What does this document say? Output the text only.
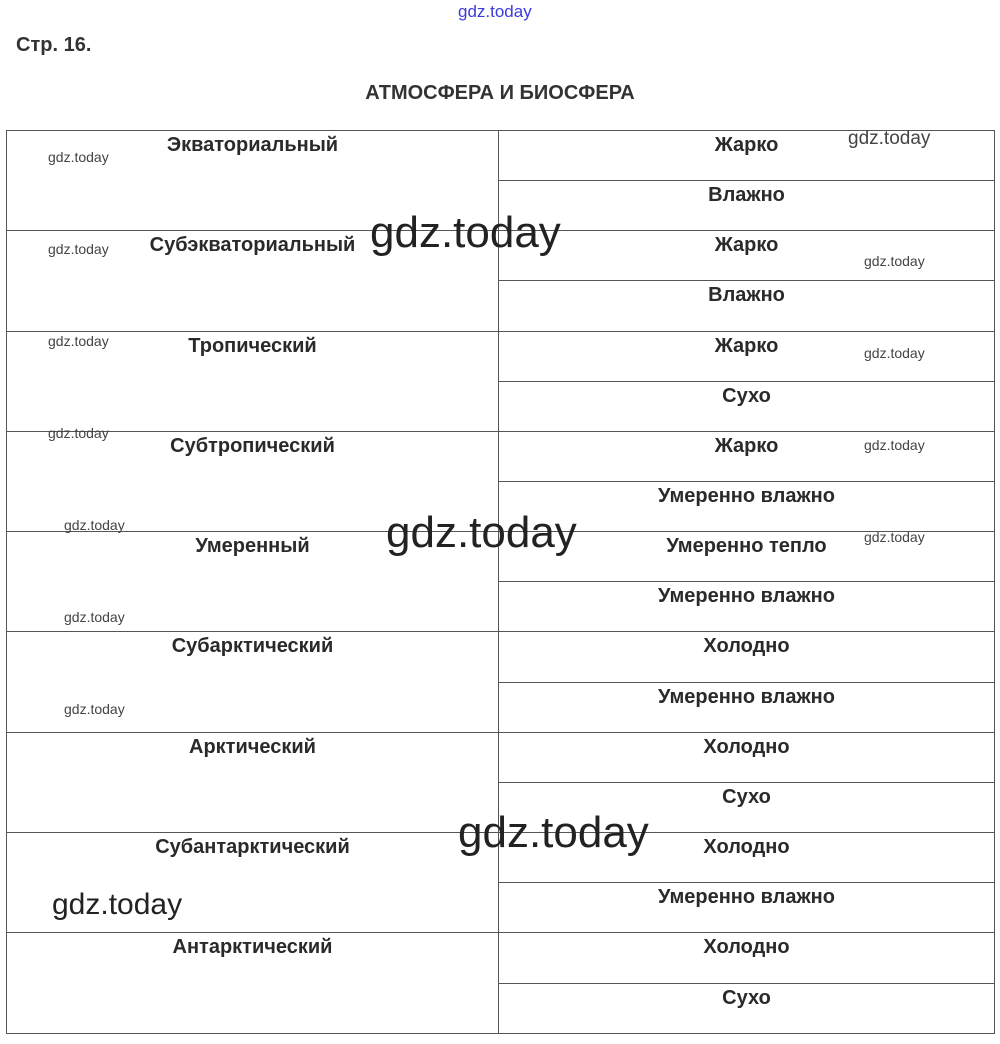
Стр. 16.
АТМОСФЕРА И БИОСФЕРА
Экваториальный	Жарко
Влажно
Субэкваториальный	Жарко
Влажно
Тропический	Жарко
Сухо
Субтропический	Жарко
Умеренно влажно
Умеренный	Умеренно тепло
Умеренно влажно
Субарктический	Холодно
Умеренно влажно
Арктический	Холодно
Сухо
Субантарктический	Холодно
Умеренно влажно
Антарктический	Холодно
Сухо
gdz.today
gdz.today
gdz.today
gdz.today	gdz.today
gdz.today
gdz.today
gdz.today
gdz.today
gdz.today
gdz.today	gdz.today	gdz.today
gdz.today
gdz.today
gdz.today
gdz.today
